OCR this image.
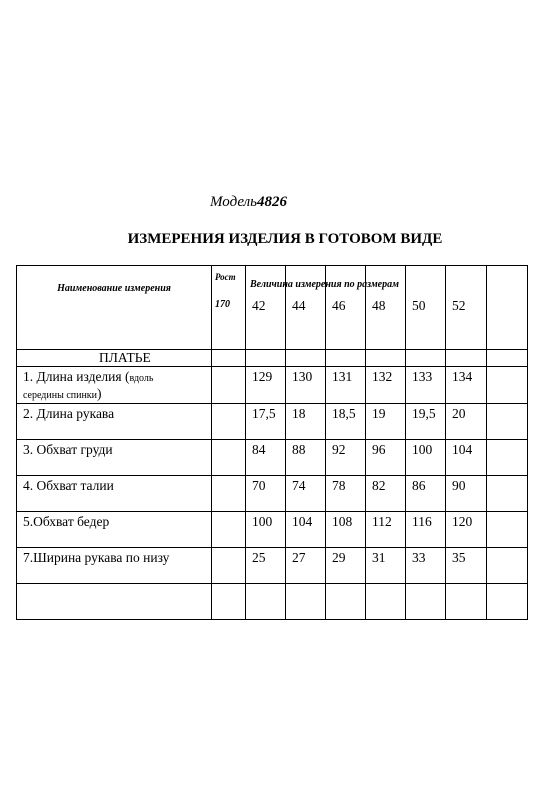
Модель4826
ИЗМЕРЕНИЯ ИЗДЕЛИЯ В ГОТОВОМ ВИДЕ
Величина измерения по размерам
Наименование измерения	Рост
170	42	44	46	48	50	52	
ПЛАТЬЕ								
1. Длина изделия (вдоль
середины спинки)		129	130	131	132	133	134	
2. Длина рукава		17,5	18	18,5	19	19,5	20	
3. Обхват груди		84	88	92	96	100	104	
4. Обхват талии		70	74	78	82	86	90	
5.Обхват бедер		100	104	108	112	116	120	
7.Ширина рукава по низу		25	27	29	31	33	35	
